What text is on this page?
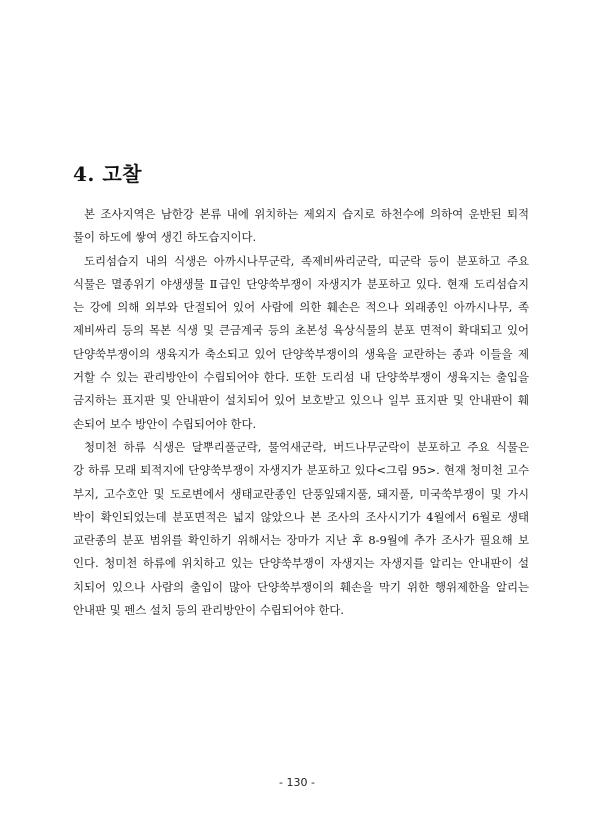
4. 고찰
본 조사지역은 남한강 본류 내에 위치하는 제외지 습지로 하천수에 의하여 운반된 퇴적
물이 하도에 쌓여 생긴 하도습지이다.
도리섬습지 내의 식생은 아까시나무군락, 족제비싸리군락, 띠군락 등이 분포하고 주요
식물은 멸종위기 야생생물 Ⅱ급인 단양쑥부쟁이 자생지가 분포하고 있다. 현재 도리섬습지
는 강에 의해 외부와 단절되어 있어 사람에 의한 훼손은 적으나 외래종인 아까시나무, 족
제비싸리 등의 목본 식생 및 큰금계국 등의 초본성 육상식물의 분포 면적이 확대되고 있어
단양쑥부쟁이의 생육지가 축소되고 있어 단양쑥부쟁이의 생육을 교란하는 종과 이들을 제
거할 수 있는 관리방안이 수립되어야 한다. 또한 도리섬 내 단양쑥부쟁이 생육지는 출입을
금지하는 표지판 및 안내판이 설치되어 있어 보호받고 있으나 일부 표지판 및 안내판이 훼
손되어 보수 방안이 수립되어야 한다.
청미천 하류 식생은 달뿌리풀군락, 물억새군락, 버드나무군락이 분포하고 주요 식물은
강 하류 모래 퇴적지에 단양쑥부쟁이 자생지가 분포하고 있다<그림 95>. 현재 청미천 고수
부지, 고수호안 및 도로변에서 생태교란종인 단풍잎돼지풀, 돼지풀, 미국쑥부쟁이 및 가시
박이 확인되었는데 분포면적은 넓지 않았으나 본 조사의 조사시기가 4월에서 6월로 생태
교란종의 분포 범위를 확인하기 위해서는 장마가 지난 후 8-9월에 추가 조사가 필요해 보
인다. 청미천 하류에 위치하고 있는 단양쑥부쟁이 자생지는 자생지를 알리는 안내판이 설
치되어 있으나 사람의 출입이 많아 단양쑥부쟁이의 훼손을 막기 위한 행위제한을 알리는
안내판 및 펜스 설치 등의 관리방안이 수립되어야 한다.
- 130 -
